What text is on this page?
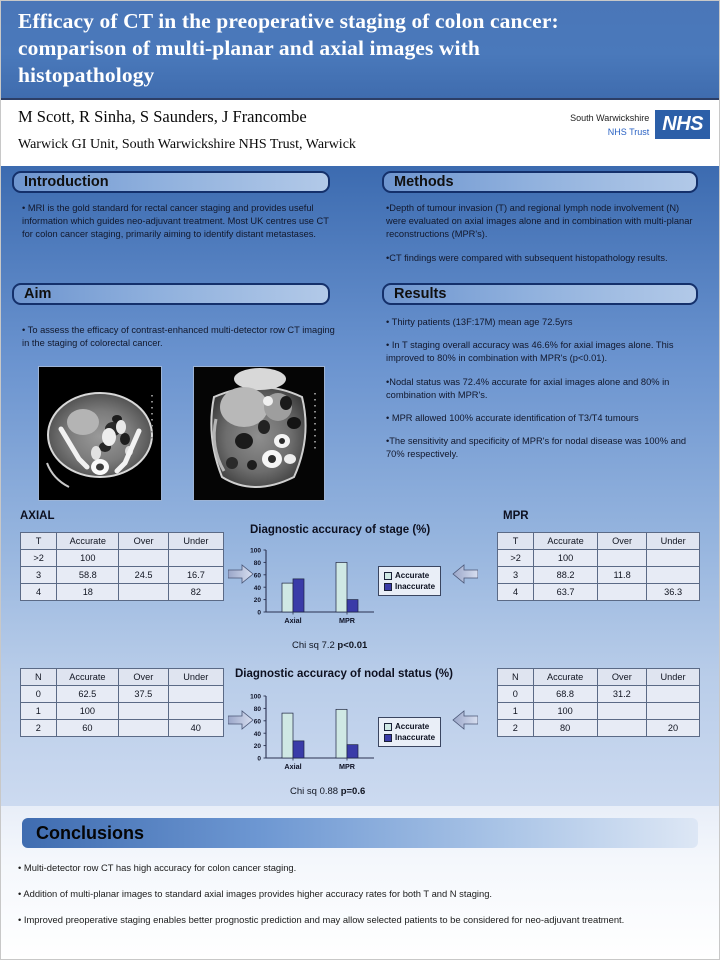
Efficacy of CT in the preoperative staging of colon cancer:
comparison of multi-planar and axial images with
histopathology
M Scott, R Sinha, S Saunders, J Francombe
Warwick GI Unit, South Warwickshire NHS Trust, Warwick
South Warwickshire
NHS Trust NHS
Introduction
• MRI is the gold standard for rectal cancer staging and provides useful information which guides neo-adjuvant treatment. Most UK centres use CT for colon cancer staging, primarily aiming to identify distant metastases.
Aim
• To assess the efficacy of contrast-enhanced multi-detector row CT imaging in the staging of colorectal cancer.
Methods

•Depth of tumour invasion (T) and regional lymph node involvement (N) were evaluated on axial images alone and in combination with multi-planar reconstructions (MPR's).

•CT findings were compared with subsequent histopathology results.

Results

• Thirty patients (13F:17M) mean age 72.5yrs

• In T staging overall accuracy was 46.6% for axial images alone. This improved to 80% in combination with MPR's (p<0.01).

•Nodal status was 72.4% accurate for axial images alone and 80% in combination with MPR's.

• MPR allowed 100% accurate identification of T3/T4 tumours

•The sensitivity and specificity of MPR's for nodal disease was 100% and 70% respectively.

AXIAL	MPR
T	Accurate	Over	Under
>2	100		
3	58.8	24.5	16.7
4	18		82
T	Accurate	Over	Under
>2	100		
3	88.2	11.8	
4	63.7		36.3
N	Accurate	Over	Under
0	62.5	37.5	
1	100		
2	60		40
N	Accurate	Over	Under
0	68.8	31.2	
1	100		
2	80		20
Diagnostic accuracy of stage (%)
0
20
40
60
80
100
Axial	MPR
Accurate
Inaccurate
Chi sq 7.2 p<0.01
Diagnostic accuracy of nodal status (%)
0
20
40
60
80
100
Axial	MPR
Accurate
Inaccurate
Chi sq 0.88 p=0.6
Conclusions

• Multi-detector row CT has high accuracy for colon cancer staging.

• Addition of multi-planar images to standard axial images provides higher accuracy rates for both T and N staging.

• Improved preoperative staging enables better prognostic prediction and may allow selected patients to be considered for neo-adjuvant treatment.
